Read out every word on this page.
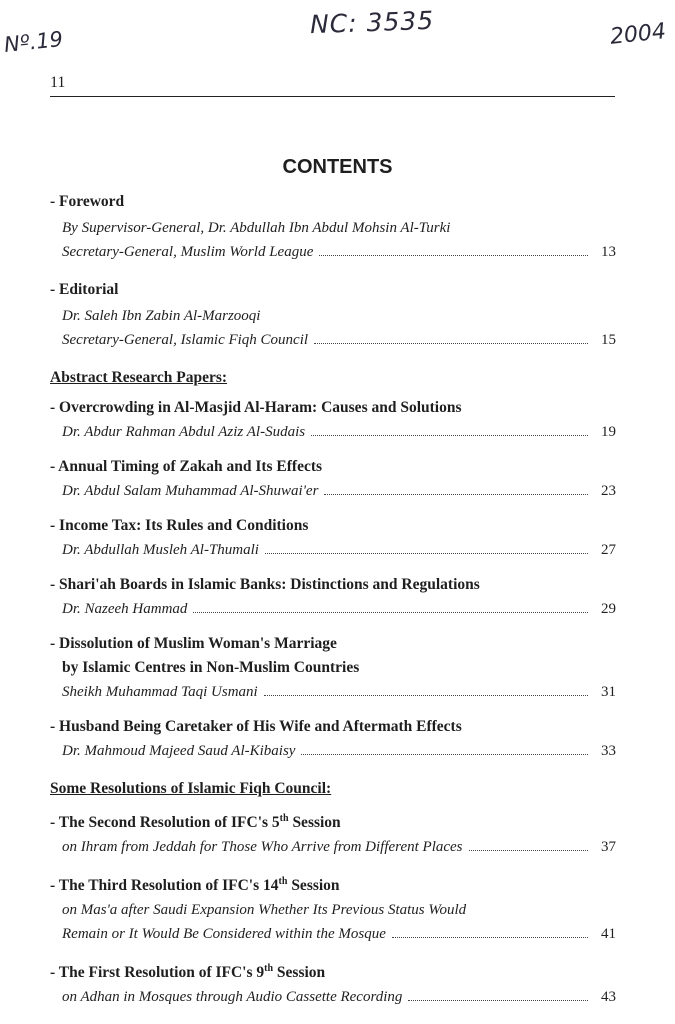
Nº.19
NC: 3535	2004
11
CONTENTS
- Foreword
By Supervisor-General, Dr. Abdullah Ibn Abdul Mohsin Al-Turki
Secretary-General, Muslim World League	13
- Editorial
Dr. Saleh Ibn Zabin Al-Marzooqi
Secretary-General, Islamic Fiqh Council	15
Abstract Research Papers:
- Overcrowding in Al-Masjid Al-Haram: Causes and Solutions
Dr. Abdur Rahman Abdul Aziz Al-Sudais	19
- Annual Timing of Zakah and Its Effects
Dr. Abdul Salam Muhammad Al-Shuwai'er	23
- Income Tax: Its Rules and Conditions
Dr. Abdullah Musleh Al-Thumali	27
- Shari'ah Boards in Islamic Banks: Distinctions and Regulations
Dr. Nazeeh Hammad	29
- Dissolution of Muslim Woman's Marriage
by Islamic Centres in Non-Muslim Countries
Sheikh Muhammad Taqi Usmani	31
- Husband Being Caretaker of His Wife and Aftermath Effects
Dr. Mahmoud Majeed Saud Al-Kibaisy	33
Some Resolutions of Islamic Fiqh Council:
- The Second Resolution of IFC's 5th Session
on Ihram from Jeddah for Those Who Arrive from Different Places	37
- The Third Resolution of IFC's 14th Session
on Mas'a after Saudi Expansion Whether Its Previous Status Would
Remain or It Would Be Considered within the Mosque	41
- The First Resolution of IFC's 9th Session
on Adhan in Mosques through Audio Cassette Recording	43
